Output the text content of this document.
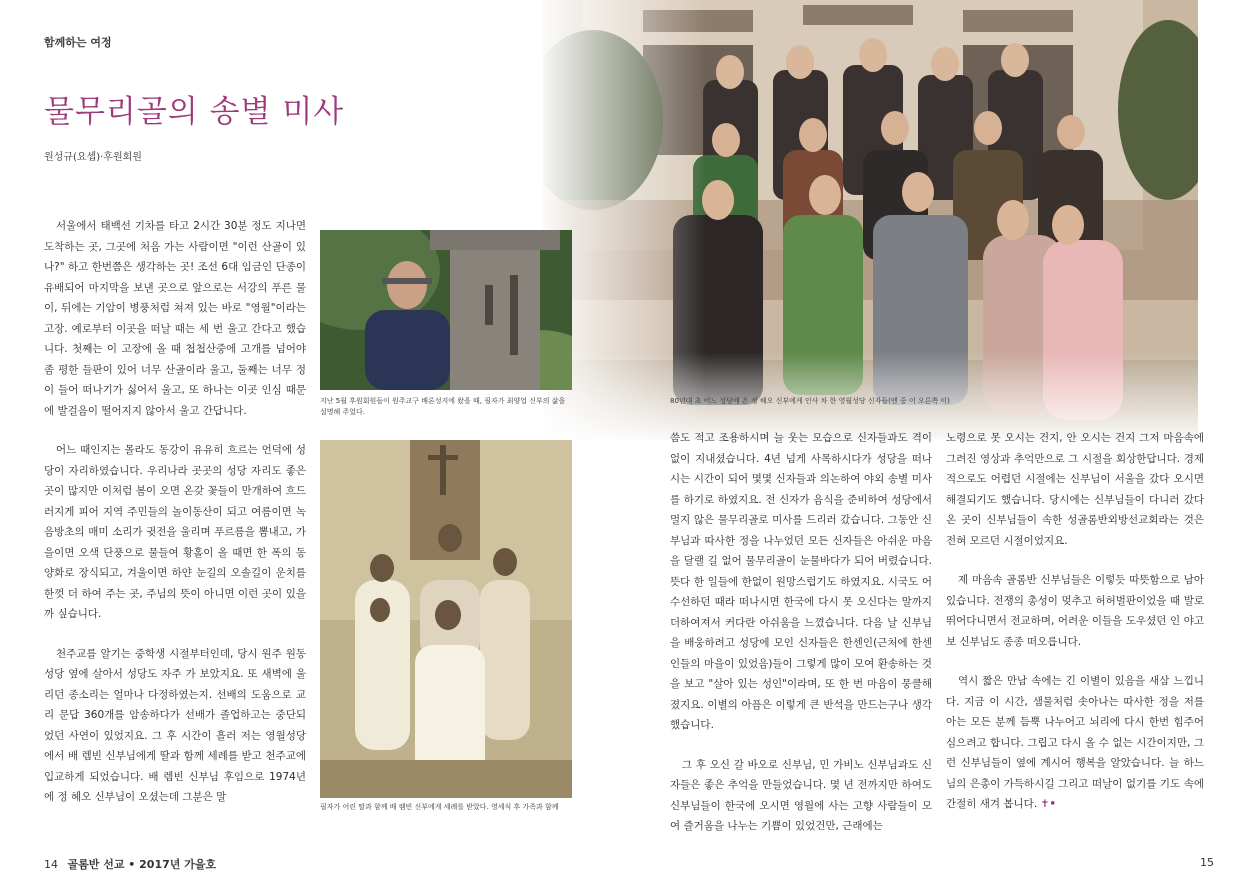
함께하는 여정
물무리골의 송별 미사
원성규(요셉)·후원회원

서울에서 태백선 기차를 타고 2시간 30분 정도 지나면 도착하는 곳, 그곳에 처음 가는 사람이면 "이런 산골이 있나?" 하고 한번쯤은 생각하는 곳! 조선 6대 임금인 단종이 유배되어 마지막을 보낸 곳으로 앞으로는 서강의 푸른 물이, 뒤에는 기암이 병풍처럼 쳐져 있는 바로 "영월"이라는 고장. 예로부터 이곳을 떠날 때는 세 번 울고 간다고 했습니다. 첫째는 이 고장에 올 때 첩첩산중에 고개를 넘어야 좀 평한 들판이 있어 너무 산골이라 울고, 둘째는 너무 정이 들어 떠나기가 싫어서 울고, 또 하나는 이곳 인심 때문에 발걸음이 떨어지지 않아서 울고 간답니다.

어느 때인지는 몰라도 동강이 유유히 흐르는 언덕에 성당이 자리하였습니다. 우리나라 곳곳의 성당 자리도 좋은 곳이 많지만 이처럼 봄이 오면 온갖 꽃들이 만개하여 흐드러지게 피어 지역 주민들의 놀이동산이 되고 여름이면 녹음방초의 매미 소리가 귓전을 울리며 푸르름을 뽐내고, 가을이면 오색 단풍으로 물들여 황홀이 올 때면 한 폭의 동양화로 장식되고, 겨울이면 하얀 눈길의 오솔길이 운치를 한껏 더 하여 주는 곳, 주님의 뜻이 아니면 이런 곳이 있을까 싶습니다.

천주교를 알기는 중학생 시절부터인데, 당시 원주 원동성당 옆에 살아서 성당도 자주 가 보았지요. 또 새벽에 울리던 종소리는 얼마나 다정하였는지. 선배의 도움으로 교리 문답 360개를 암송하다가 선배가 졸업하고는 중단되었던 사연이 있었지요. 그 후 시간이 흘러 저는 영월성당에서 배 렘빈 신부님에게 딸과 함께 세례를 받고 천주교에 입교하게 되었습니다. 배 렘빈 신부님 후임으로 1974년에 정 헤오 신부님이 오셨는데 그분은 말

80년대 초 어느 성당에 온 정 헤오 신부에게 인사 차 한 영월성당 신자들(맨 중 이 오른쪽 이)
지난 5월 후원회원들이 원주교구 배론성지에 왔을 때, 필자가 최양업 신부의 삶을 설명해 주었다.
필자가 어린 딸과 함께 배 렘빈 신부에게 세례를 받았다. 영세식 후 가족과 함께

씀도 적고 조용하시며 늘 웃는 모습으로 신자들과도 격이 없이 지내셨습니다. 4년 넘게 사목하시다가 성당을 떠나시는 시간이 되어 몇몇 신자들과 의논하여 야외 송별 미사를 하기로 하였지요. 전 신자가 음식을 준비하여 성당에서 멀지 않은 물무리골로 미사를 드리러 갔습니다. 그동안 신부님과 따사한 정을 나누었던 모든 신자들은 아쉬운 마음을 달랠 길 없어 물무리골이 눈물바다가 되어 버렸습니다. 뜻다 한 일들에 한없이 원망스럽기도 하였지요. 시국도 어수선하던 때라 떠나시면 한국에 다시 못 오신다는 말까지 더하여져서 커다란 아쉬움을 느꼈습니다. 다음 날 신부님을 배웅하려고 성당에 모인 신자들은 한센인(근처에 한센인들의 마을이 있었음)들이 그렇게 많이 모여 환송하는 것을 보고 "살아 있는 성인"이라며, 또 한 번 마음이 뭉클해졌지요. 이별의 아픔은 이렇게 큰 반석을 만드는구나 생각했습니다.

그 후 오신 갈 바오로 신부님, 민 가비노 신부님과도 신자들은 좋은 추억을 만들었습니다. 몇 년 전까지만 하여도 신부님들이 한국에 오시면 영월에 사는 고향 사람들이 모여 즐거움을 나누는 기쁨이 있었건만, 근래에는

노령으로 못 오시는 건지, 안 오시는 건지 그저 마음속에 그려진 영상과 추억만으로 그 시절을 회상한답니다. 경제적으로도 어렵던 시절에는 신부님이 서울을 갔다 오시면 해결되기도 했습니다. 당시에는 신부님들이 다니러 갔다 온 곳이 신부님들이 속한 성골롬반외방선교회라는 것은 전혀 모르던 시절이었지요.

제 마음속 골롬반 신부님들은 이렇듯 따뜻함으로 남아 있습니다. 전쟁의 총성이 멎추고 허허벌판이었을 때 발로 뛰어다니면서 전교하며, 어려운 이들을 도우셨던 인 야고보 신부님도 종종 떠오릅니다.

역시 짧은 만남 속에는 긴 이별이 있음을 새삼 느낍니다. 지금 이 시간, 샘물처럼 솟아나는 따사한 정을 저를 아는 모든 분께 듬뿍 나누어고 뇌리에 다시 한번 힘주어 심으려고 합니다. 그립고 다시 올 수 없는 시간이지만, 그런 신부님들이 옆에 계시어 행복을 알았습니다. 늘 하느님의 은총이 가득하시길 그리고 떠날이 없기를 기도 속에 간절히 새겨 봅니다. ✝•

14 골롬반 선교 • 2017년 가을호	15
